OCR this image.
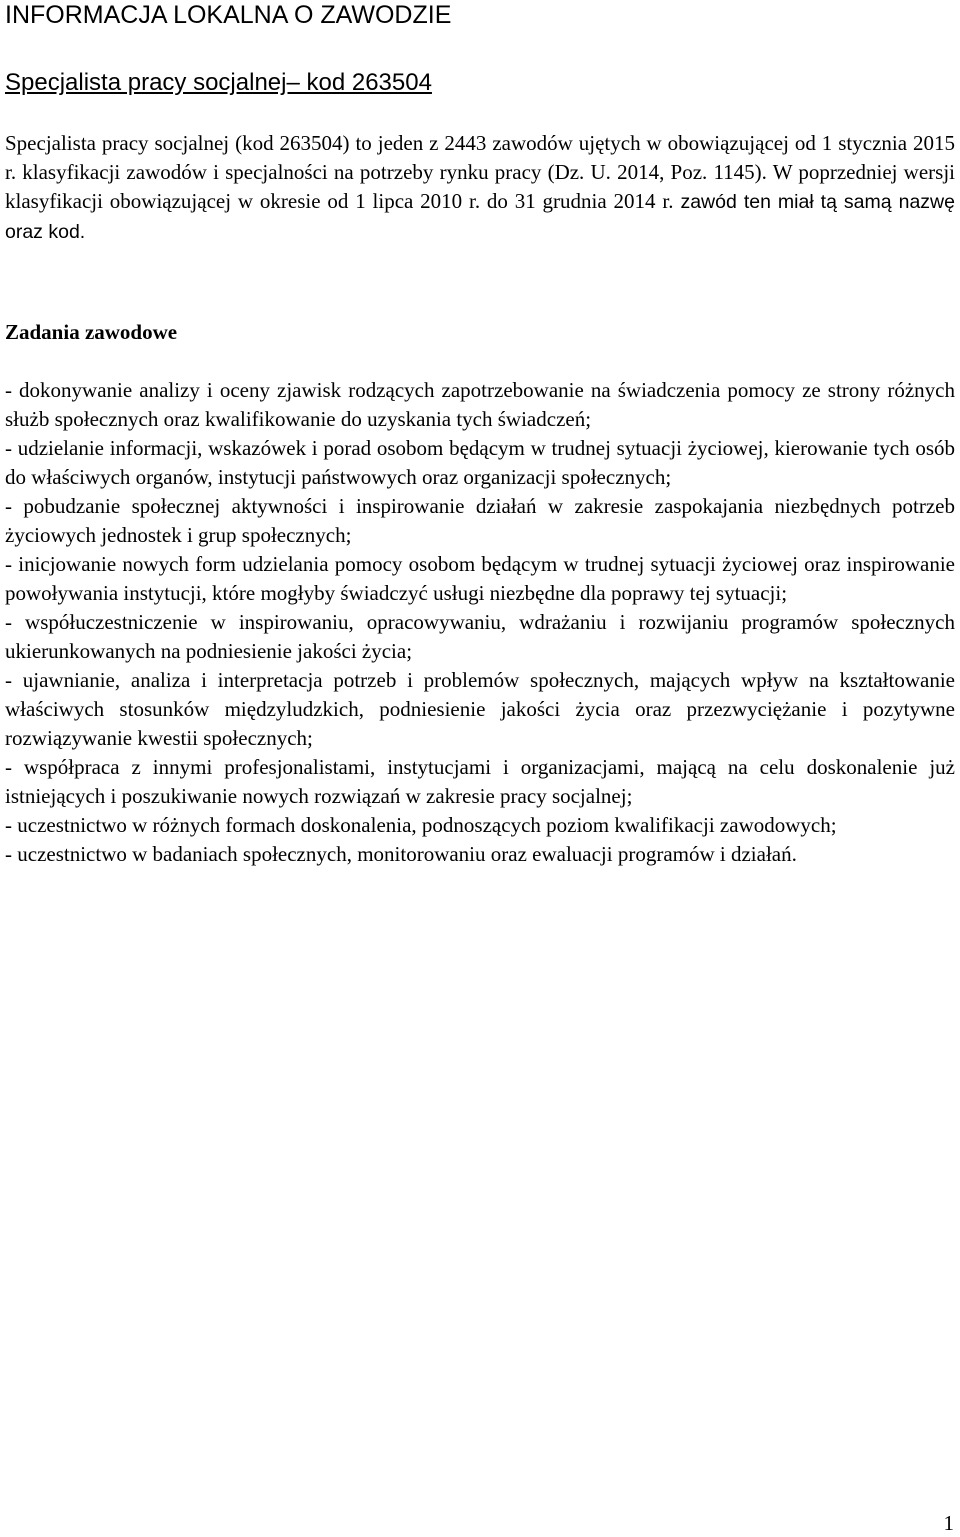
INFORMACJA LOKALNA O ZAWODZIE
Specjalista pracy socjalnej– kod 263504

Specjalista pracy socjalnej (kod 263504) to jeden z 2443 zawodów ujętych w obowiązującej od 1 stycznia 2015 r. klasyfikacji zawodów i specjalności na potrzeby rynku pracy (Dz. U. 2014, Poz. 1145). W poprzedniej wersji klasyfikacji obowiązującej w okresie od 1 lipca 2010 r. do 31 grudnia 2014 r. zawód ten miał tą samą nazwę oraz kod.

Zadania zawodowe
- dokonywanie analizy i oceny zjawisk rodzących zapotrzebowanie na świadczenia pomocy ze strony różnych służb społecznych oraz kwalifikowanie do uzyskania tych świadczeń;
- udzielanie informacji, wskazówek i porad osobom będącym w trudnej sytuacji życiowej, kierowanie tych osób do właściwych organów, instytucji państwowych oraz organizacji społecznych;
- pobudzanie społecznej aktywności i inspirowanie działań w zakresie zaspokajania niezbędnych potrzeb życiowych jednostek i grup społecznych;
- inicjowanie nowych form udzielania pomocy osobom będącym w trudnej sytuacji życiowej oraz inspirowanie powoływania instytucji, które mogłyby świadczyć usługi niezbędne dla poprawy tej sytuacji;
- współuczestniczenie w inspirowaniu, opracowywaniu, wdrażaniu i rozwijaniu programów społecznych ukierunkowanych na podniesienie jakości życia;
- ujawnianie, analiza i interpretacja potrzeb i problemów społecznych, mających wpływ na kształtowanie właściwych stosunków międzyludzkich, podniesienie jakości życia oraz przezwyciężanie i pozytywne rozwiązywanie kwestii społecznych;
- współpraca z innymi profesjonalistami, instytucjami i organizacjami, mającą na celu doskonalenie już istniejących i poszukiwanie nowych rozwiązań w zakresie pracy socjalnej;
- uczestnictwo w różnych formach doskonalenia, podnoszących poziom kwalifikacji zawodowych;
- uczestnictwo w badaniach społecznych, monitorowaniu oraz ewaluacji programów i działań.
1
